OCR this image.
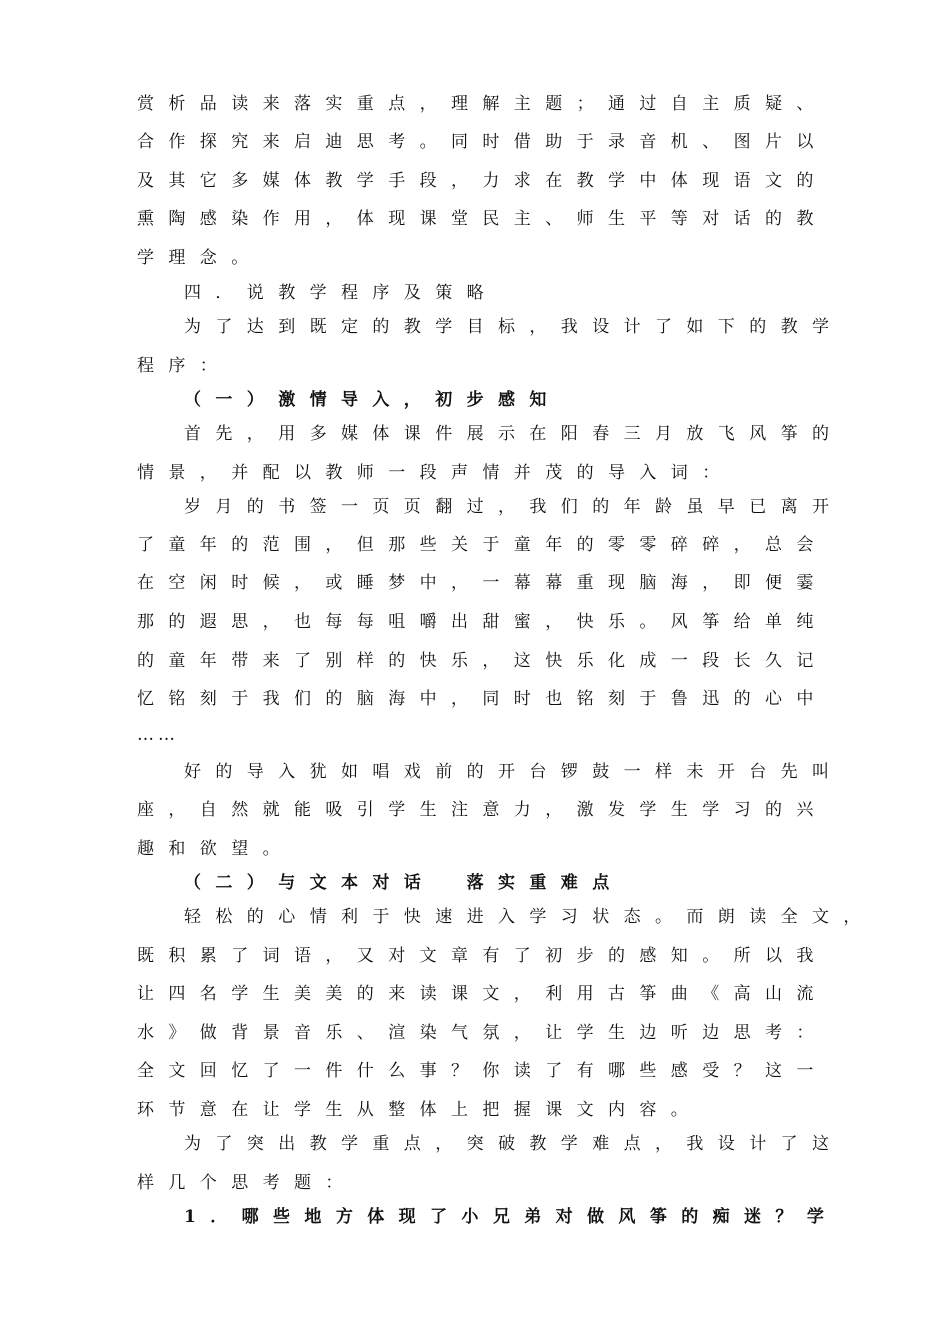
赏析品读来落实重点，理解主题；通过自主质疑、
合作探究来启迪思考。同时借助于录音机、图片以
及其它多媒体教学手段，力求在教学中体现语文的
熏陶感染作用，体现课堂民主、师生平等对话的教
学理念。
四．说教学程序及策略
为了达到既定的教学目标，我设计了如下的教学
程序：
（一）激情导入，初步感知
首先，用多媒体课件展示在阳春三月放飞风筝的
情景，并配以教师一段声情并茂的导入词：
岁月的书签一页页翻过，我们的年龄虽早已离开
了童年的范围，但那些关于童年的零零碎碎，总会
在空闲时候，或睡梦中，一幕幕重现脑海，即便霎
那的遐思，也每每咀嚼出甜蜜，快乐。风筝给单纯
的童年带来了别样的快乐，这快乐化成一段长久记
忆铭刻于我们的脑海中，同时也铭刻于鲁迅的心中
……
好的导入犹如唱戏前的开台锣鼓一样未开台先叫
座，自然就能吸引学生注意力，激发学生学习的兴
趣和欲望。
（二）与文本对话　落实重难点
轻松的心情利于快速进入学习状态。而朗读全文，
既积累了词语，又对文章有了初步的感知。所以我
让四名学生美美的来读课文，利用古筝曲《高山流
水》做背景音乐、渲染气氛，让学生边听边思考：
全文回忆了一件什么事？你读了有哪些感受？这一
环节意在让学生从整体上把握课文内容。
为了突出教学重点，突破教学难点，我设计了这
样几个思考题：
1．哪些地方体现了小兄弟对做风筝的痴迷？学
